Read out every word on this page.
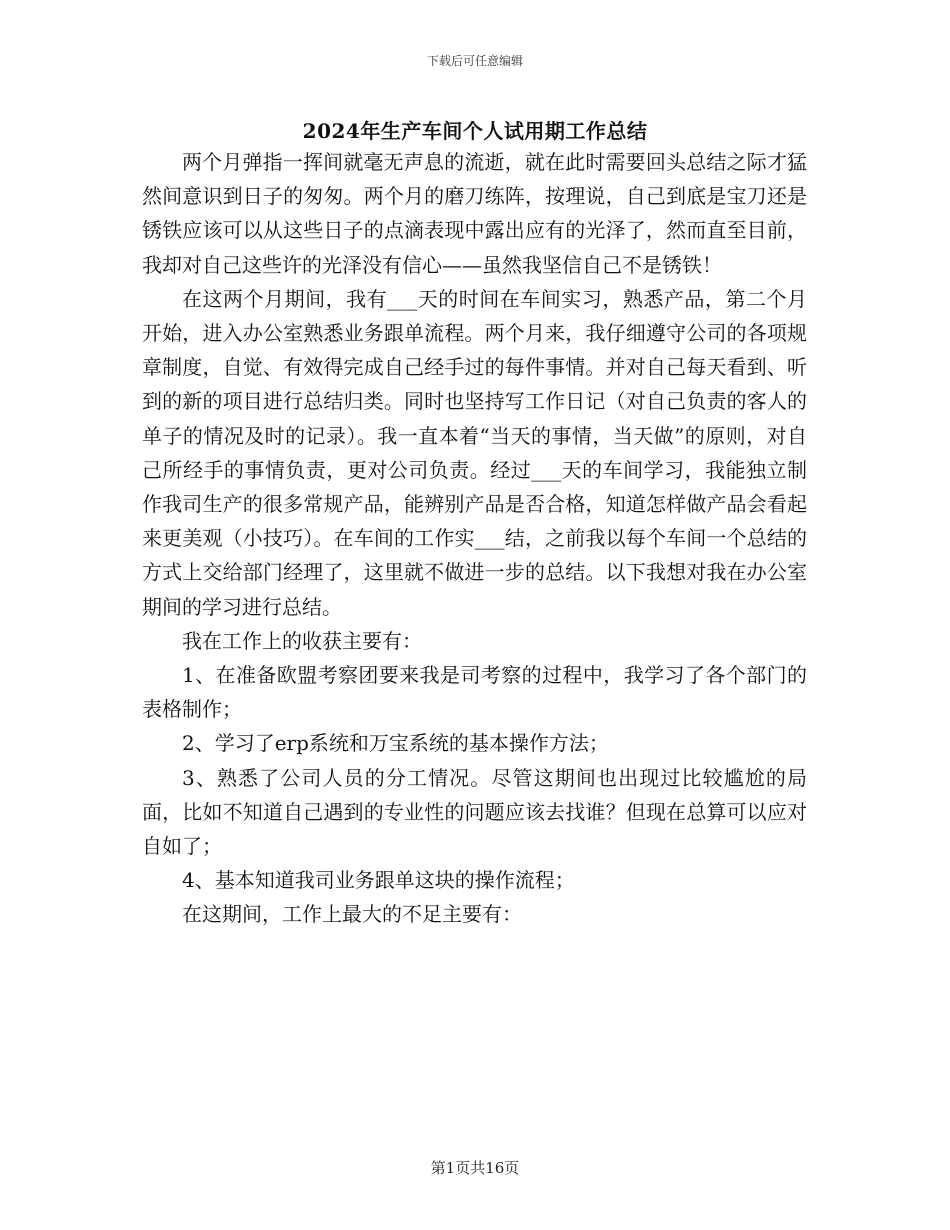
下载后可任意编辑
2024年生产车间个人试用期工作总结

两个月弹指一挥间就毫无声息的流逝，就在此时需要回头总结之际才猛然间意识到日子的匆匆。两个月的磨刀练阵，按理说，自己到底是宝刀还是锈铁应该可以从这些日子的点滴表现中露出应有的光泽了，然而直至目前，我却对自己这些许的光泽没有信心——虽然我坚信自己不是锈铁！

在这两个月期间，我有___天的时间在车间实习，熟悉产品，第二个月开始，进入办公室熟悉业务跟单流程。两个月来，我仔细遵守公司的各项规章制度，自觉、有效得完成自己经手过的每件事情。并对自己每天看到、听到的新的项目进行总结归类。同时也坚持写工作日记（对自己负责的客人的单子的情况及时的记录）。我一直本着“当天的事情，当天做”的原则，对自己所经手的事情负责，更对公司负责。经过___天的车间学习，我能独立制作我司生产的很多常规产品，能辨别产品是否合格，知道怎样做产品会看起来更美观（小技巧）。在车间的工作实___结，之前我以每个车间一个总结的方式上交给部门经理了，这里就不做进一步的总结。以下我想对我在办公室期间的学习进行总结。

我在工作上的收获主要有：

1、在准备欧盟考察团要来我是司考察的过程中，我学习了各个部门的表格制作；

2、学习了erp系统和万宝系统的基本操作方法；

3、熟悉了公司人员的分工情况。尽管这期间也出现过比较尴尬的局面，比如不知道自己遇到的专业性的问题应该去找谁？但现在总算可以应对自如了；

4、基本知道我司业务跟单这块的操作流程；

在这期间，工作上最大的不足主要有：

第1页共16页
